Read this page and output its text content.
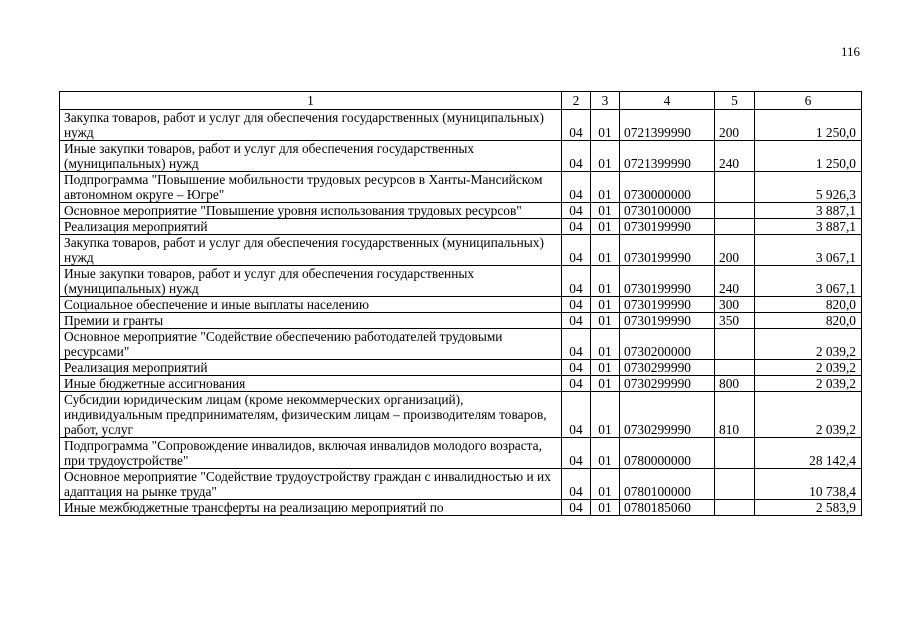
116
1	2	3	4	5	6
Закупка товаров, работ и услуг для обеспечения государственных (муниципальных) нужд	04	01	0721399990	200	1 250,0
Иные закупки товаров, работ и услуг для обеспечения государственных (муниципальных) нужд	04	01	0721399990	240	1 250,0
Подпрограмма "Повышение мобильности трудовых ресурсов в Ханты-Мансийском автономном округе – Югре"	04	01	0730000000		5 926,3
Основное мероприятие "Повышение уровня использования трудовых ресурсов"	04	01	0730100000		3 887,1
Реализация мероприятий	04	01	0730199990		3 887,1
Закупка товаров, работ и услуг для обеспечения государственных (муниципальных) нужд	04	01	0730199990	200	3 067,1
Иные закупки товаров, работ и услуг для обеспечения государственных (муниципальных) нужд	04	01	0730199990	240	3 067,1
Социальное обеспечение и иные выплаты населению	04	01	0730199990	300	820,0
Премии и гранты	04	01	0730199990	350	820,0
Основное мероприятие "Содействие обеспечению работодателей трудовыми ресурсами"	04	01	0730200000		2 039,2
Реализация мероприятий	04	01	0730299990		2 039,2
Иные бюджетные ассигнования	04	01	0730299990	800	2 039,2
Субсидии юридическим лицам (кроме некоммерческих организаций), индивидуальным предпринимателям, физическим лицам – производителям товаров, работ, услуг	04	01	0730299990	810	2 039,2
Подпрограмма "Сопровождение инвалидов, включая инвалидов молодого возраста, при трудоустройстве"	04	01	0780000000		28 142,4
Основное мероприятие "Содействие трудоустройству граждан с инвалидностью и их адаптация на рынке труда"	04	01	0780100000		10 738,4
Иные межбюджетные трансферты на реализацию мероприятий по	04	01	0780185060		2 583,9
